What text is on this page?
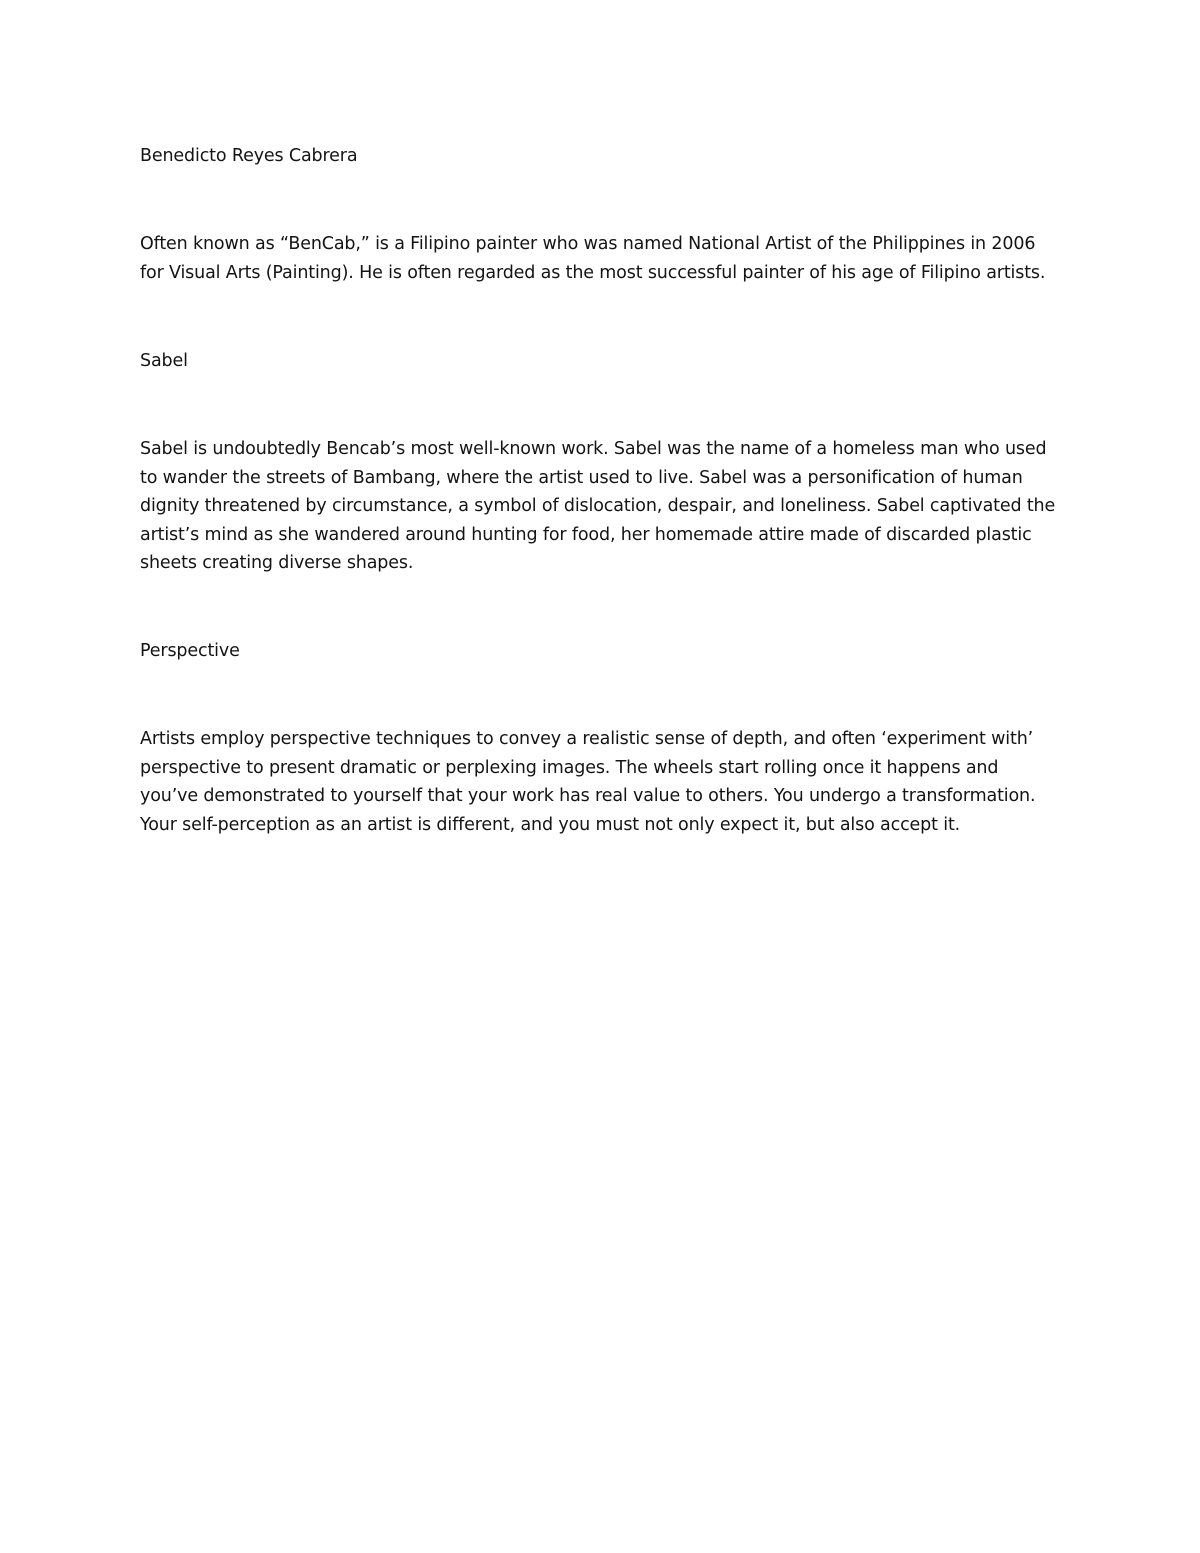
Benedicto Reyes Cabrera

Often known as “BenCab,” is a Filipino painter who was named National Artist of the Philippines in 2006
for Visual Arts (Painting). He is often regarded as the most successful painter of his age of Filipino artists.

Sabel

Sabel is undoubtedly Bencab’s most well-known work. Sabel was the name of a homeless man who used
to wander the streets of Bambang, where the artist used to live. Sabel was a personification of human
dignity threatened by circumstance, a symbol of dislocation, despair, and loneliness. Sabel captivated the
artist’s mind as she wandered around hunting for food, her homemade attire made of discarded plastic
sheets creating diverse shapes.

Perspective

Artists employ perspective techniques to convey a realistic sense of depth, and often ‘experiment with’
perspective to present dramatic or perplexing images. The wheels start rolling once it happens and
you’ve demonstrated to yourself that your work has real value to others. You undergo a transformation.
Your self-perception as an artist is different, and you must not only expect it, but also accept it.
